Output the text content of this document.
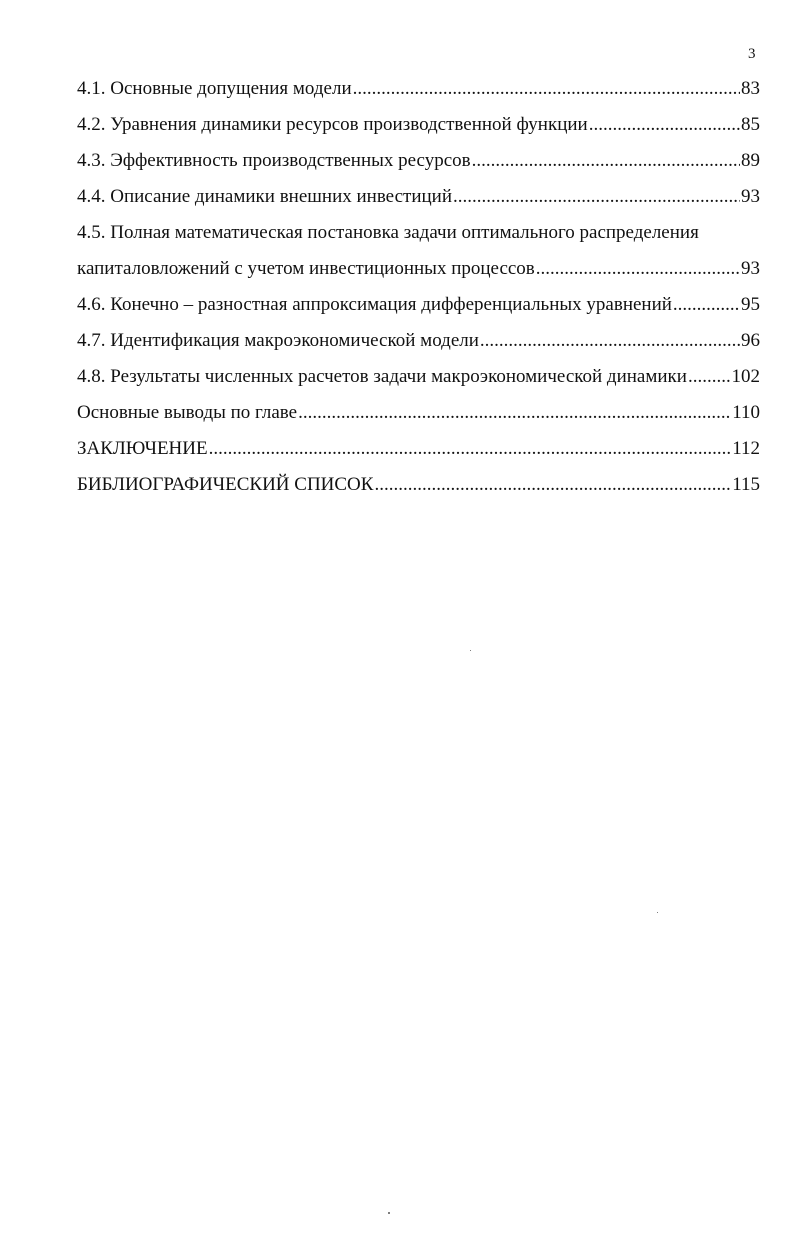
3
4.1. Основные допущения модели .....	83
4.2. Уравнения динамики ресурсов производственной функции .....	85
4.3. Эффективность производственных ресурсов .....	89
4.4. Описание динамики внешних инвестиций .....	93
4.5. Полная математическая постановка задачи оптимального распределения
капиталовложений с учетом инвестиционных процессов .....	93
4.6. Конечно – разностная аппроксимация дифференциальных уравнений .....	95
4.7. Идентификация макроэкономической модели .....	96
4.8. Результаты численных расчетов задачи макроэкономической динамики ..... 102
Основные выводы по главе .....	110
ЗАКЛЮЧЕНИЕ .....	112
БИБЛИОГРАФИЧЕСКИЙ СПИСОК .....	115
